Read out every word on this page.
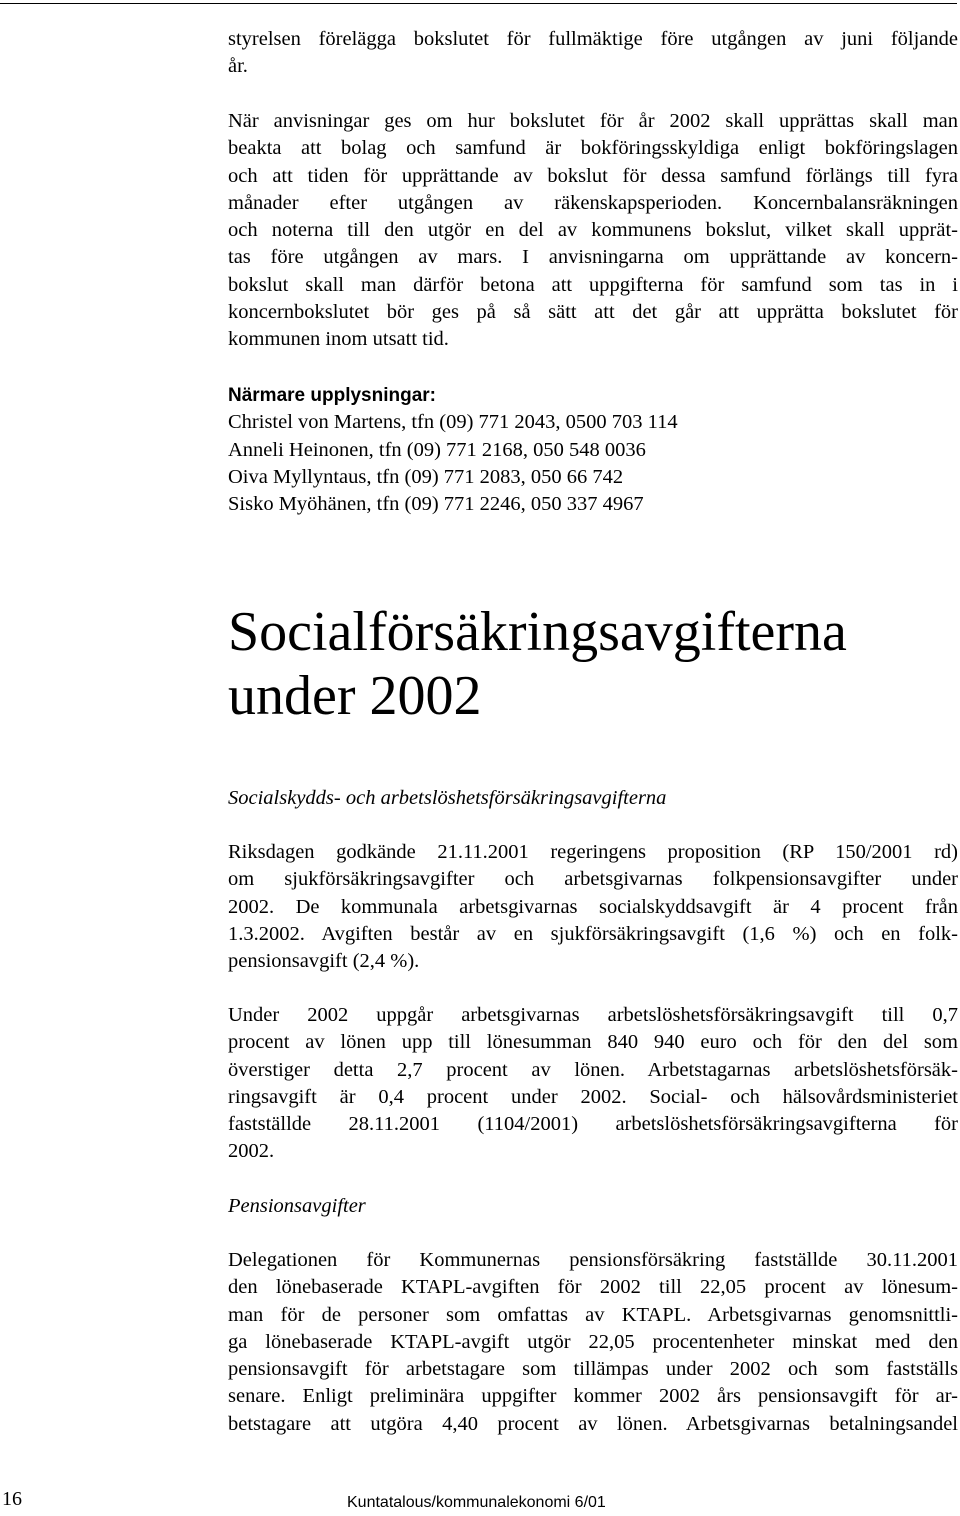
styrelsen förelägga bokslutet för fullmäktige före utgången av juni följande
år.
När anvisningar ges om hur bokslutet för år 2002 skall upprättas skall man
beakta att bolag och samfund är bokföringsskyldiga enligt bokföringslagen
och att tiden för upprättande av bokslut för dessa samfund förlängs till fyra
månader efter utgången av räkenskapsperioden. Koncernbalansräkningen
och noterna till den utgör en del av kommunens bokslut, vilket skall upprät-
tas före utgången av mars. I anvisningarna om upprättande av koncern-
bokslut skall man därför betona att uppgifterna för samfund som tas in i
koncernbokslutet bör ges på så sätt att det går att upprätta bokslutet för
kommunen inom utsatt tid.
Närmare upplysningar:
Christel von Martens, tfn (09) 771 2043, 0500 703 114
Anneli Heinonen, tfn (09) 771 2168, 050 548 0036
Oiva Myllyntaus, tfn (09) 771 2083, 050 66 742
Sisko Myöhänen, tfn (09) 771 2246, 050 337 4967
Socialförsäkringsavgifterna
under 2002
Socialskydds- och arbetslöshetsförsäkringsavgifterna
Riksdagen godkände 21.11.2001 regeringens proposition (RP 150/2001 rd)
om sjukförsäkringsavgifter och arbetsgivarnas folkpensionsavgifter under
2002. De kommunala arbetsgivarnas socialskyddsavgift är 4 procent från
1.3.2002. Avgiften består av en sjukförsäkringsavgift (1,6 %) och en folk-
pensionsavgift (2,4 %).
Under 2002 uppgår arbetsgivarnas arbetslöshetsförsäkringsavgift till 0,7
procent av lönen upp till lönesumman 840 940 euro och för den del som
överstiger detta 2,7 procent av lönen. Arbetstagarnas arbetslöshetsförsäk-
ringsavgift är 0,4 procent under 2002. Social- och hälsovårdsministeriet
fastställde 28.11.2001 (1104/2001) arbetslöshetsförsäkringsavgifterna för
2002.
Pensionsavgifter
Delegationen för Kommunernas pensionsförsäkring fastställde 30.11.2001
den lönebaserade KTAPL-avgiften för 2002 till 22,05 procent av lönesum-
man för de personer som omfattas av KTAPL. Arbetsgivarnas genomsnittli-
ga lönebaserade KTAPL-avgift utgör 22,05 procentenheter minskat med den
pensionsavgift för arbetstagare som tillämpas under 2002 och som fastställs
senare. Enligt preliminära uppgifter kommer 2002 års pensionsavgift för ar-
betstagare att utgöra 4,40 procent av lönen. Arbetsgivarnas betalningsandel
16	Kuntatalous/kommunalekonomi 6/01
